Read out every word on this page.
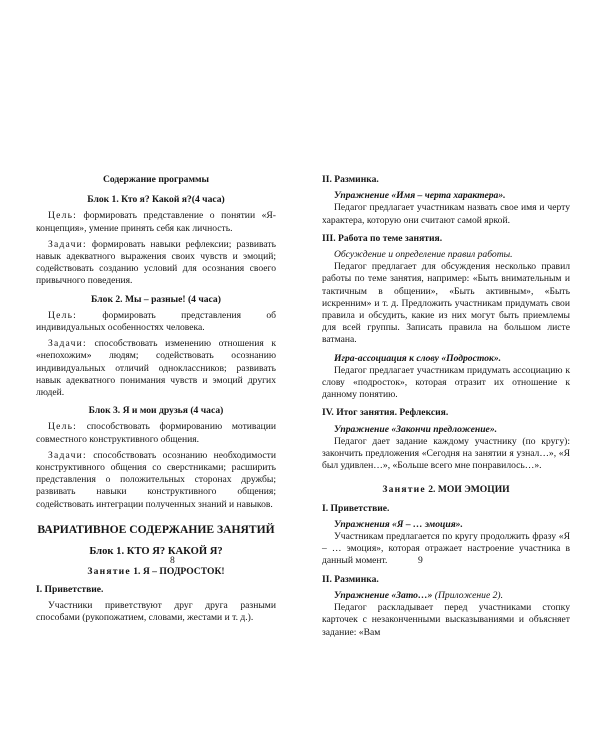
Содержание программы

Блок 1. Кто я? Какой я?(4 часа)

Цель: формировать представление о понятии «Я-концепция», умение принять себя как личность.

Задачи: формировать навыки рефлексии; развивать навык адекватного выражения своих чувств и эмоций; содействовать созданию условий для осознания своего привычного поведения.

Блок 2. Мы – разные! (4 часа)

Цель: формировать представления об индивидуальных особенностях человека.

Задачи: способствовать изменению отношения к «непохожим» людям; содействовать осознанию индивидуальных отличий одноклассников; развивать навык адекватного понимания чувств и эмоций других людей.

Блок 3. Я и мои друзья (4 часа)

Цель: способствовать формированию мотивации совместного конструктивного общения.

Задачи: способствовать осознанию необходимости конструктивного общения со сверстниками; расширить представления о положительных сторонах дружбы; развивать навыки конструктивного общения; содействовать интеграции полученных знаний и навыков.

ВАРИАТИВНОЕ СОДЕРЖАНИЕ ЗАНЯТИЙ
Блок 1. КТО Я? КАКОЙ Я?

Занятие 1. Я – ПОДРОСТОК!

I. Приветствие.

Участники приветствуют друг друга разными способами (рукопожатием, словами, жестами и т. д.).

8

II. Разминка.

Упражнение «Имя – черта характера».

Педагог предлагает участникам назвать свое имя и черту характера, которую они считают самой яркой.

III. Работа по теме занятия.

Обсуждение и определение правил работы.

Педагог предлагает для обсуждения несколько правил работы по теме занятия, например: «Быть внимательным и тактичным в общении», «Быть активным», «Быть искренним» и т. д. Предложить участникам придумать свои правила и обсудить, какие из них могут быть приемлемы для всей группы. Записать правила на большом листе ватмана.

Игра-ассоциация к слову «Подросток».

Педагог предлагает участникам придумать ассоциацию к слову «подросток», которая отразит их отношение к данному понятию.

IV. Итог занятия. Рефлексия.

Упражнение «Закончи предложение».

Педагог дает задание каждому участнику (по кругу): закончить предложения «Сегодня на занятии я узнал…», «Я был удивлен…», «Больше всего мне понравилось…».

Занятие 2. МОИ ЭМОЦИИ

I. Приветствие.

Упражнения «Я – … эмоция».

Участникам предлагается по кругу продолжить фразу «Я – … эмоция», которая отражает настроение участника в данный момент.

II. Разминка.

Упражнение «Зато…» (Приложение 2).

Педагог раскладывает перед участниками стопку карточек с незаконченными высказываниями и объясняет задание: «Вам

9
